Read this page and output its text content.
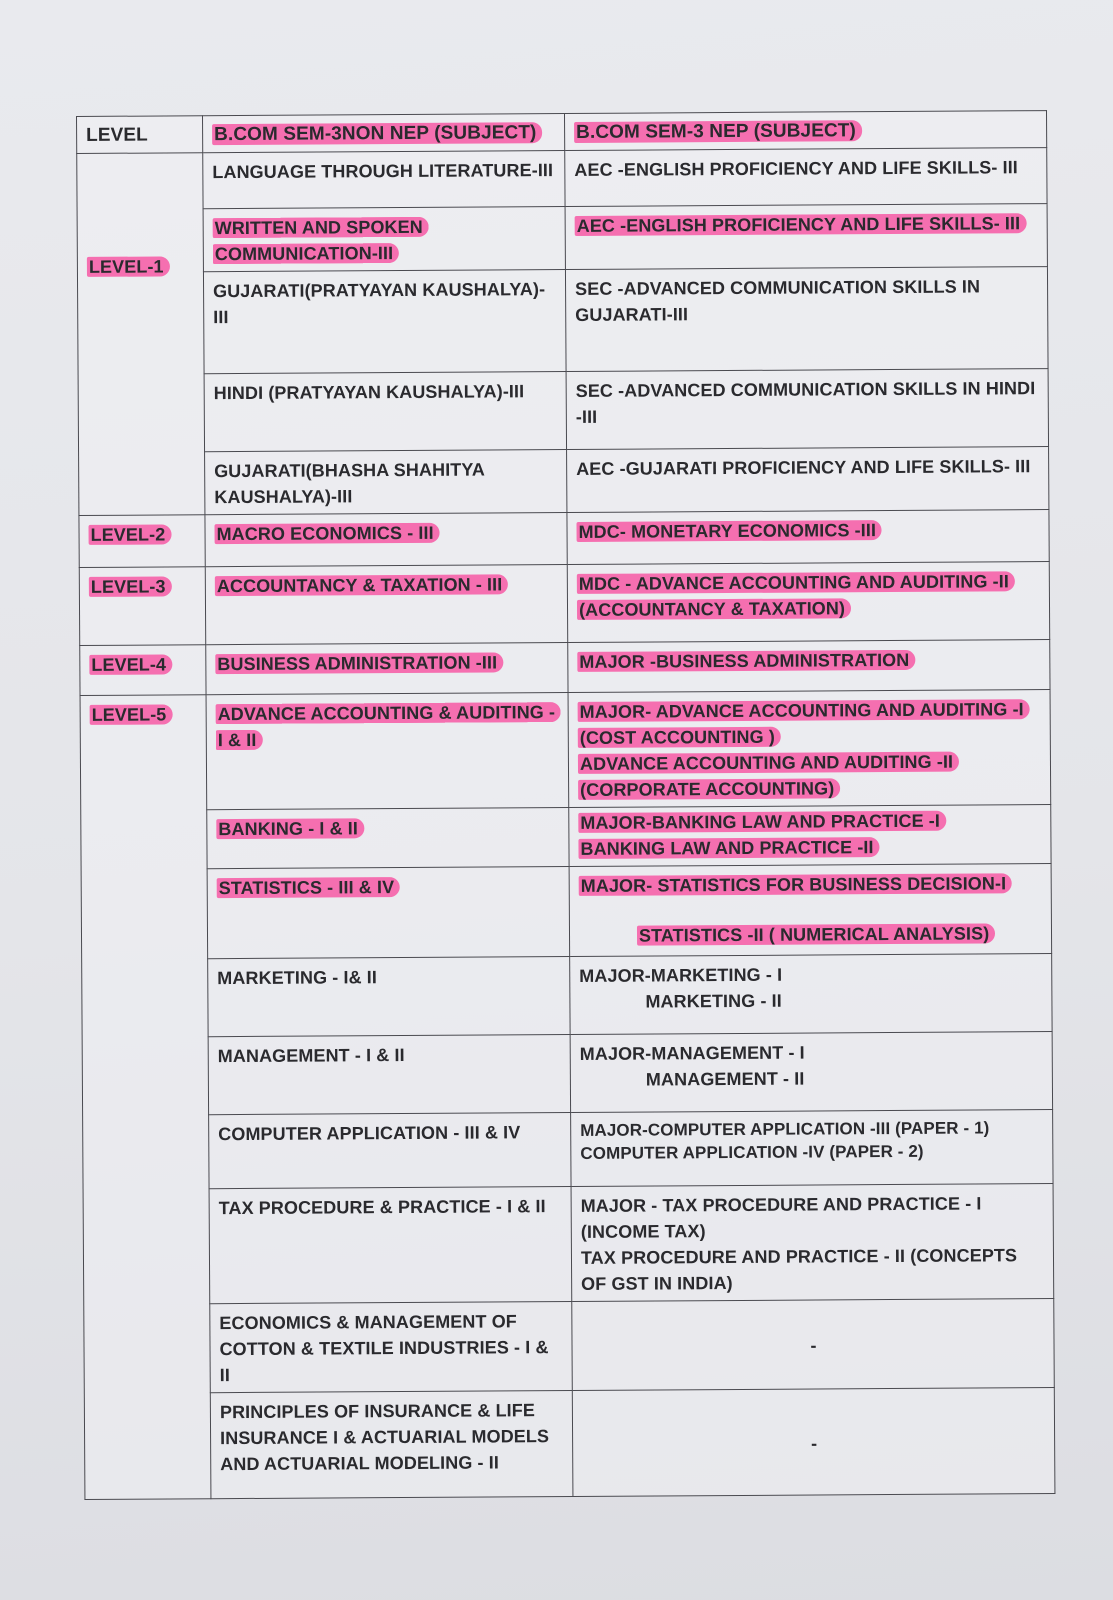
LEVEL	B.COM SEM-3NON NEP (SUBJECT)	B.COM SEM-3 NEP (SUBJECT)
LEVEL-1	LANGUAGE THROUGH LITERATURE-III	AEC -ENGLISH PROFICIENCY AND LIFE SKILLS- III
	WRITTEN AND SPOKEN COMMUNICATION-III	AEC -ENGLISH PROFICIENCY AND LIFE SKILLS- III
	GUJARATI(PRATYAYAN KAUSHALYA)-III	SEC -ADVANCED COMMUNICATION SKILLS IN GUJARATI-III
	HINDI (PRATYAYAN KAUSHALYA)-III	SEC -ADVANCED COMMUNICATION SKILLS IN HINDI -III
	GUJARATI(BHASHA SHAHITYA KAUSHALYA)-III	AEC -GUJARATI PROFICIENCY AND LIFE SKILLS- III
LEVEL-2	MACRO ECONOMICS - III	MDC- MONETARY ECONOMICS -III
LEVEL-3	ACCOUNTANCY & TAXATION - III	MDC - ADVANCE ACCOUNTING AND AUDITING -II
(ACCOUNTANCY & TAXATION)

LEVEL-4	BUSINESS ADMINISTRATION -III	MAJOR -BUSINESS ADMINISTRATION
LEVEL-5	ADVANCE ACCOUNTING & AUDITING - I & II	MAJOR- ADVANCE ACCOUNTING AND AUDITING -I
(COST ACCOUNTING )
ADVANCE ACCOUNTING AND AUDITING -II
(CORPORATE ACCOUNTING)

	BANKING - I & II	MAJOR-BANKING LAW AND PRACTICE -I
BANKING LAW AND PRACTICE -II

	STATISTICS - III & IV	MAJOR- STATISTICS FOR BUSINESS DECISION-I
STATISTICS -II ( NUMERICAL ANALYSIS)

	MARKETING - I& II	MAJOR-MARKETING - I
MARKETING - II

	MANAGEMENT - I & II	MAJOR-MANAGEMENT - I
MANAGEMENT - II

	COMPUTER APPLICATION - III & IV	MAJOR-COMPUTER APPLICATION -III (PAPER - 1)
COMPUTER APPLICATION -IV (PAPER - 2)

	TAX PROCEDURE & PRACTICE - I & II	MAJOR - TAX PROCEDURE AND PRACTICE - I
(INCOME TAX)
TAX PROCEDURE AND PRACTICE - II (CONCEPTS OF GST IN INDIA)

	ECONOMICS & MANAGEMENT OF COTTON & TEXTILE INDUSTRIES - I & II	-

	PRINCIPLES OF INSURANCE & LIFE INSURANCE I & ACTUARIAL MODELS AND ACTUARIAL MODELING - II	-
